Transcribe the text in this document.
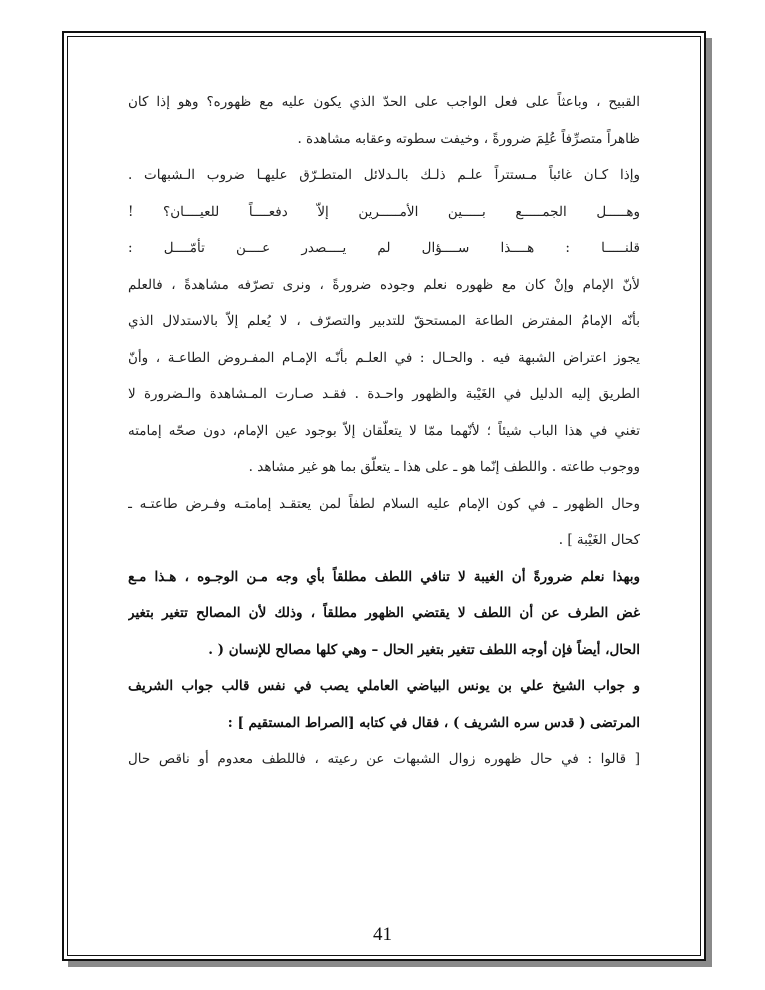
القبيح ، وباعثاً على فعل الواجب على الحدّ الذي يكون عليه مع ظهوره؟ وهو إذا كان
ظاهراً متصرِّفاً عُلِمَ ضرورةً ، وخيفت سطوته وعقابه مشاهدة .
وإذا كـان غائباً مـستتراً علـم ذلـك بالـدلائل المتطـرّق عليهـا ضروب الـشبهات .
وهـــــل الجمـــــع بـــــين الأمـــــرين إلاّ دفعــــاً للعيــــان؟ !
قلنـــــا : هــــذا ســــؤال لم يــــصدر عــــن تأمّــــل :
لأنّ الإمام وإنْ كان مع ظهوره نعلم وجوده ضرورةً ، ونرى تصرّفه مشاهدةً ، فالعلم
بأنّه الإمامُ المفترض الطاعة المستحقّ للتدبير والتصرّف ، لا يُعلم إلاّ بالاستدلال الذي
يجوز اعتراض الشبهة فيه . والحـال : في العلـم بأنّـه الإمـام المفـروض الطاعـة ، وأنّ
الطريق إليه الدليل في الغَيْبة والظهور واحـدة . فقـد صـارت المـشاهدة والـضرورة لا
تغني في هذا الباب شيئاً ؛ لأنّهما ممّا لا يتعلّقان إلاّ بوجود عين الإمام، دون صحّه إمامته
ووجوب طاعته . واللطف إنّما هو ـ على هذا ـ يتعلّق بما هو غير مشاهد .
وحال الظهور ـ في كون الإمام عليه السلام لطفاً لمن يعتقـد إمامتـه وفـرض طاعتـه ـ
كحال الغَيْبة ] .
وبهذا نعلم ضرورةً أن الغيبة لا تنافي اللطف مطلقاً بأي وجه مـن الوجـوه ، هـذا مـع
غض الطرف عن أن اللطف لا يقتضي الظهور مطلقاً ، وذلك لأن المصالح تتغير بتغير
الحال، أيضاً فإن أوجه اللطف تتغير بتغير الحال – وهي كلها مصالح للإنسان ( .
و جواب الشيخ علي بن يونس البياضي العاملي يصب في نفس قالب جواب الشريف
المرتضى ( قدس سره الشريف ) ، فقال في كتابه [الصراط المستقيم ] :
[ قالوا : في حال ظهوره زوال الشبهات عن رعيته ، فاللطف معدوم أو ناقص حال
41
